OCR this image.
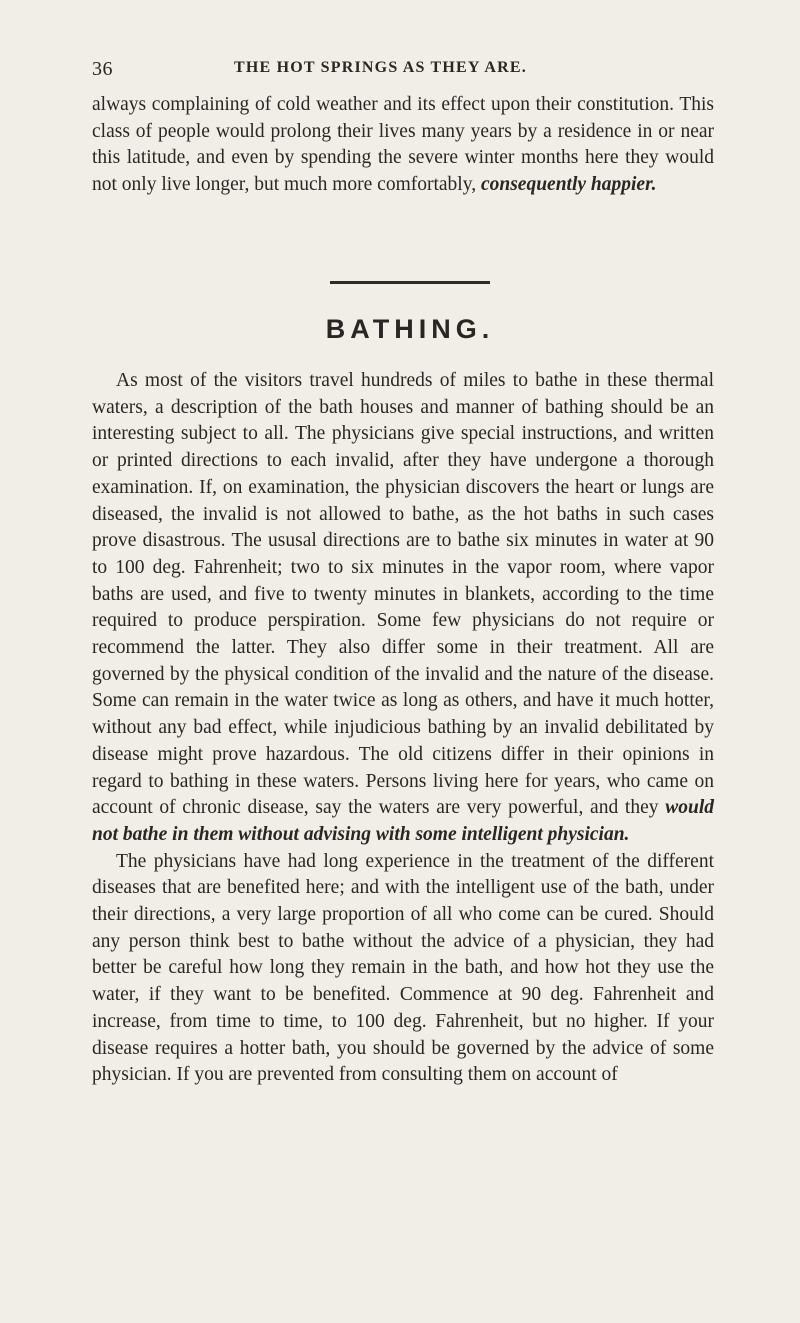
36	THE HOT SPRINGS AS THEY ARE.

always complaining of cold weather and its effect upon their constitution. This class of people would prolong their lives many years by a residence in or near this latitude, and even by spending the severe winter months here they would not only live longer, but much more comfortably, consequently happier.

BATHING.

As most of the visitors travel hundreds of miles to bathe in these thermal waters, a description of the bath houses and manner of bathing should be an interesting subject to all. The physicians give special instructions, and written or printed directions to each invalid, after they have undergone a thorough examination. If, on examination, the physician discovers the heart or lungs are diseased, the invalid is not allowed to bathe, as the hot baths in such cases prove disastrous. The ususal directions are to bathe six minutes in water at 90 to 100 deg. Fahrenheit; two to six minutes in the vapor room, where vapor baths are used, and five to twenty minutes in blankets, according to the time required to produce perspiration. Some few physicians do not require or recommend the latter. They also differ some in their treatment. All are governed by the physical condition of the invalid and the nature of the disease. Some can remain in the water twice as long as others, and have it much hotter, without any bad effect, while injudicious bathing by an invalid debilitated by disease might prove hazardous. The old citizens differ in their opinions in regard to bathing in these waters. Persons living here for years, who came on account of chronic disease, say the waters are very powerful, and they would not bathe in them without advising with some intelligent physician.

The physicians have had long experience in the treatment of the different diseases that are benefited here; and with the intelligent use of the bath, under their directions, a very large proportion of all who come can be cured. Should any person think best to bathe without the advice of a physician, they had better be careful how long they remain in the bath, and how hot they use the water, if they want to be benefited. Commence at 90 deg. Fahrenheit and increase, from time to time, to 100 deg. Fahrenheit, but no higher. If your disease requires a hotter bath, you should be governed by the advice of some physician. If you are prevented from consulting them on account of
